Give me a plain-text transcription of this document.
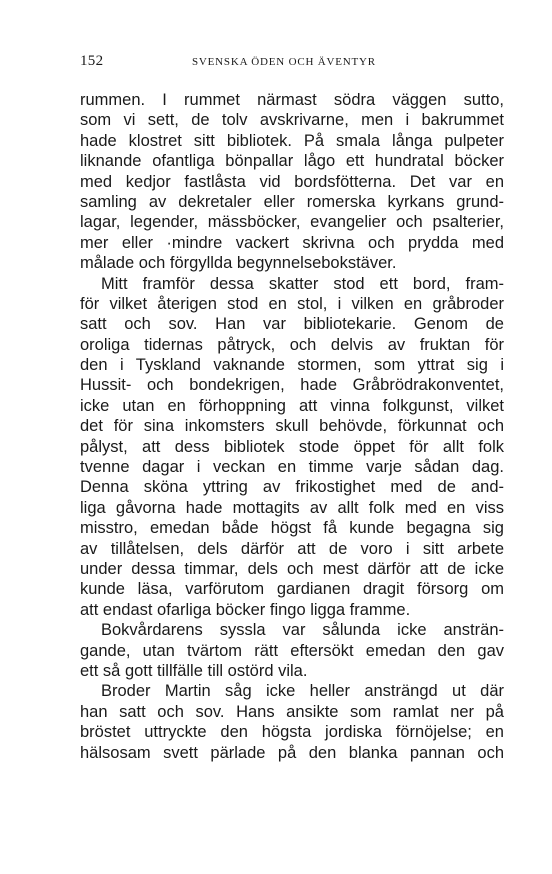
152	SVENSKA ÖDEN OCH ÄVENTYR
rummen. I rummet närmast södra väggen sutto,
som vi sett, de tolv avskrivarne, men i bakrummet
hade klostret sitt bibliotek. På smala långa pulpeter
liknande ofantliga bönpallar lågo ett hundratal böcker
med kedjor fastlåsta vid bordsfötterna. Det var en
samling av dekretaler eller romerska kyrkans grund-
lagar, legender, mässböcker, evangelier och psalterier,
mer eller ·mindre vackert skrivna och prydda med
målade och förgyllda begynnelsebokstäver.
Mitt framför dessa skatter stod ett bord, fram-
för vilket återigen stod en stol, i vilken en gråbroder
satt och sov. Han var bibliotekarie. Genom de
oroliga tidernas påtryck, och delvis av fruktan för
den i Tyskland vaknande stormen, som yttrat sig i
Hussit- och bondekrigen, hade Gråbrödrakonventet,
icke utan en förhoppning att vinna folkgunst, vilket
det för sina inkomsters skull behövde, förkunnat och
pålyst, att dess bibliotek stode öppet för allt folk
tvenne dagar i veckan en timme varje sådan dag.
Denna sköna yttring av frikostighet med de and-
liga gåvorna hade mottagits av allt folk med en viss
misstro, emedan både högst få kunde begagna sig
av tillåtelsen, dels därför att de voro i sitt arbete
under dessa timmar, dels och mest därför att de icke
kunde läsa, varförutom gardianen dragit försorg om
att endast ofarliga böcker fingo ligga framme.
Bokvårdarens syssla var sålunda icke ansträn-
gande, utan tvärtom rätt eftersökt emedan den gav
ett så gott tillfälle till ostörd vila.
Broder Martin såg icke heller ansträngd ut där
han satt och sov. Hans ansikte som ramlat ner på
bröstet uttryckte den högsta jordiska förnöjelse; en
hälsosam svett pärlade på den blanka pannan och
